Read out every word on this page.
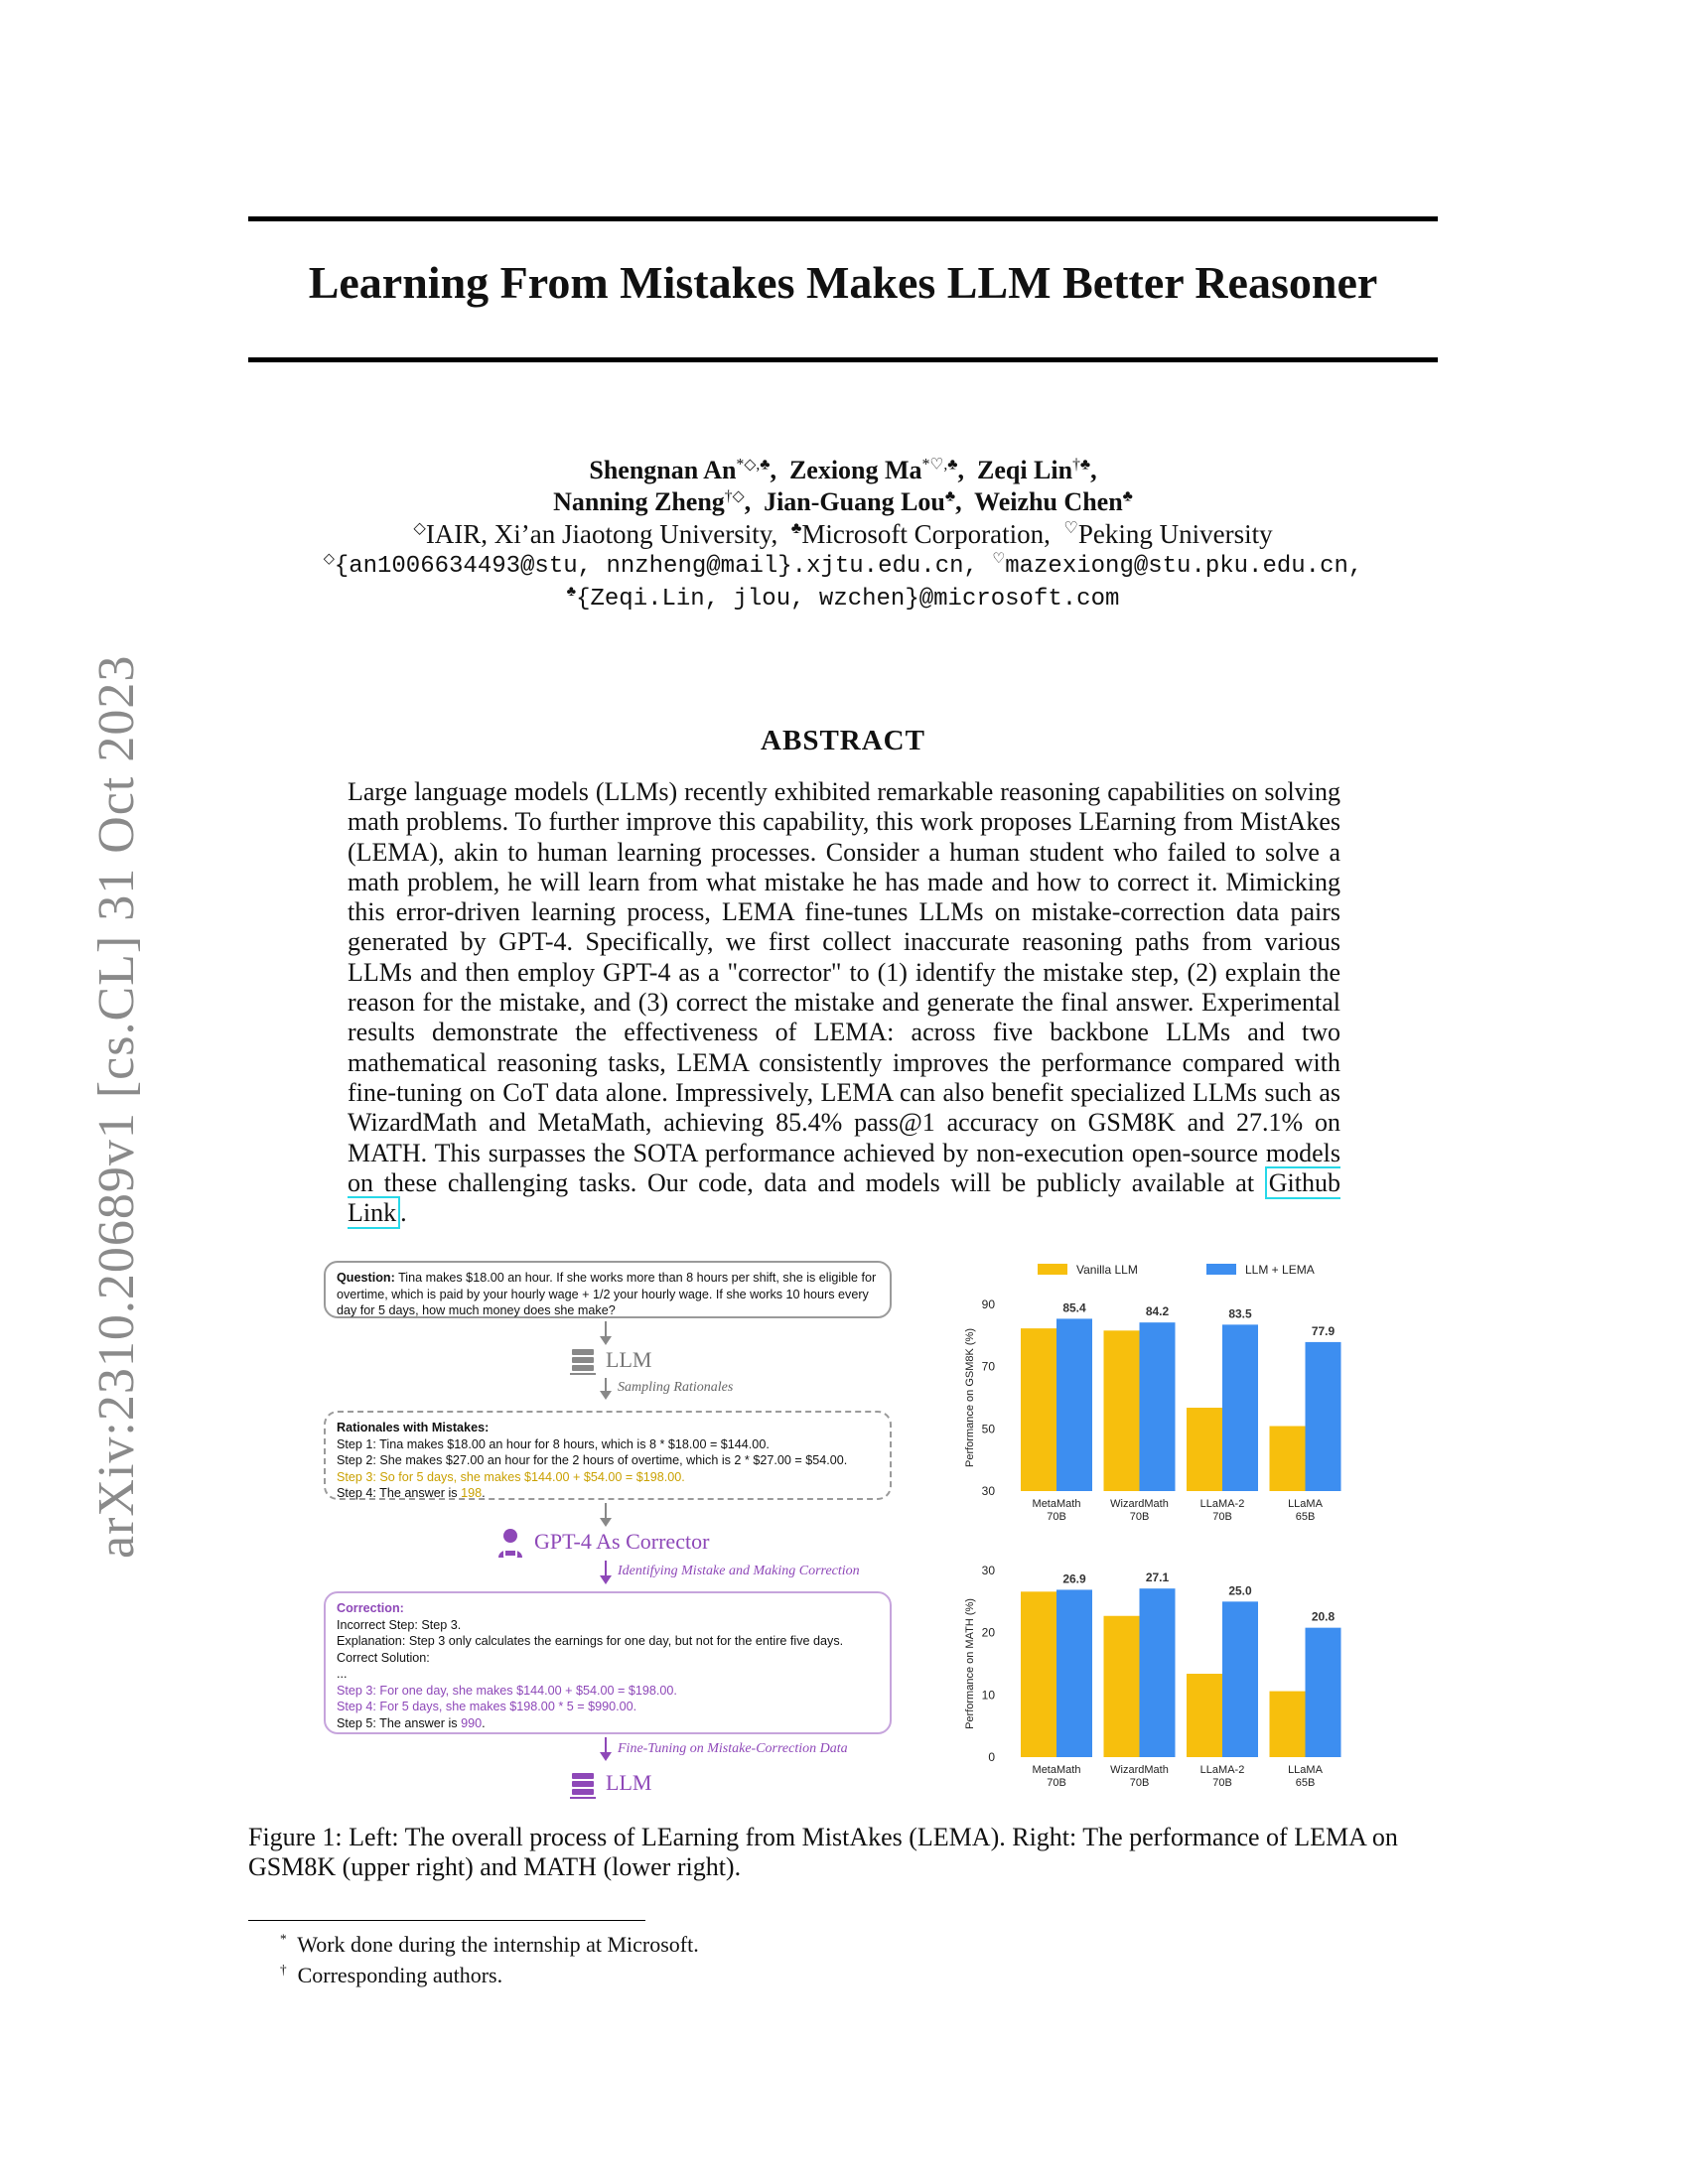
arXiv:2310.20689v1 [cs.CL] 31 Oct 2023
Learning From Mistakes Makes LLM Better Reasoner
Shengnan An*◇,♣,  Zexiong Ma*♡,♣,  Zeqi Lin†♣,
Nanning Zheng†◇,  Jian-Guang Lou♣,  Weizhu Chen♣
◇IAIR, Xi’an Jiaotong University, ♣Microsoft Corporation, ♡Peking University
◇{an1006634493@stu, nnzheng@mail}.xjtu.edu.cn, ♡mazexiong@stu.pku.edu.cn,
♣{Zeqi.Lin, jlou, wzchen}@microsoft.com
ABSTRACT
Large language models (LLMs) recently exhibited remarkable reasoning capabilities on solving math problems. To further improve this capability, this work proposes LEarning from MistAkes (LEMA), akin to human learning processes. Consider a human student who failed to solve a math problem, he will learn from what mistake he has made and how to correct it. Mimicking this error-driven learning process, LEMA fine-tunes LLMs on mistake-correction data pairs generated by GPT-4. Specifically, we first collect inaccurate reasoning paths from various LLMs and then employ GPT-4 as a "corrector" to (1) identify the mistake step, (2) explain the reason for the mistake, and (3) correct the mistake and generate the final answer. Experimental results demonstrate the effectiveness of LEMA: across five backbone LLMs and two mathematical reasoning tasks, LEMA consistently improves the performance compared with fine-tuning on CoT data alone. Impressively, LEMA can also benefit specialized LLMs such as WizardMath and MetaMath, achieving 85.4% pass@1 accuracy on GSM8K and 27.1% on MATH. This surpasses the SOTA performance achieved by non-execution open-source models on these challenging tasks. Our code, data and models will be publicly available at Github Link .
Question: Tina makes $18.00 an hour. If she works more than 8 hours per shift, she is eligible for overtime, which is paid by your hourly wage + 1/2 your hourly wage. If she works 10 hours every day for 5 days, how much money does she make?
LLM
Sampling Rationales
Rationales with Mistakes:
Step 1: Tina makes $18.00 an hour for 8 hours, which is 8 * $18.00 = $144.00.
Step 2: She makes $27.00 an hour for the 2 hours of overtime, which is 2 * $27.00 = $54.00.
Step 3: So for 5 days, she makes $144.00 + $54.00 = $198.00.
Step 4: The answer is 198.
GPT-4 As Corrector
Identifying Mistake and Making Correction
Correction:
Incorrect Step: Step 3.
Explanation: Step 3 only calculates the earnings for one day, but not for the entire five days.
Correct Solution:
...
Step 3: For one day, she makes $144.00 + $54.00 = $198.00.
Step 4: For 5 days, she makes $198.00 * 5 = $990.00.
Step 5: The answer is 990.
Fine-Tuning on Mistake-Correction Data
LLM
Vanilla LLM	LLM + LEMA
30
50
70
90
Performance on GSM8K (%)
85.4
MetaMath
70B
84.2
WizardMath
70B
83.5
LLaMA-2
70B
77.9
LLaMA
65B
0
10
20
30
Performance on MATH (%)
26.9
MetaMath
70B
27.1
WizardMath
70B
25.0
LLaMA-2
70B
20.8
LLaMA
65B
Figure 1: Left: The overall process of LEarning from MistAkes (LEMA). Right: The performance of LEMA on GSM8K (upper right) and MATH (lower right).
* Work done during the internship at Microsoft.
† Corresponding authors.
